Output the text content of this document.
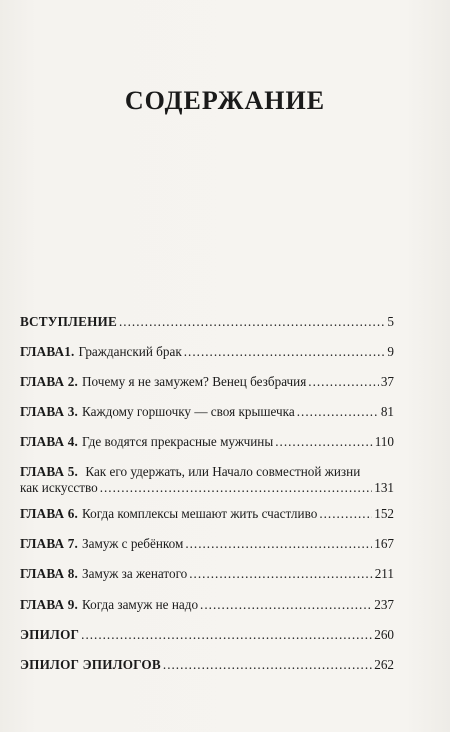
СОДЕРЖАНИЕ
ВСТУПЛЕНИЕ .....	5
ГЛАВА1. Гражданский брак .....	9
ГЛАВА 2. Почему я не замужем? Венец безбрачия .....	37
ГЛАВА 3. Каждому горшочку — своя крышечка .....	81
ГЛАВА 4. Где водятся прекрасные мужчины .....	110
ГЛАВА 5. Как его удержать, или Начало совместной жизни
как искусство .....	131
ГЛАВА 6. Когда комплексы мешают жить счастливо .....	152
ГЛАВА 7. Замуж с ребёнком .....	167
ГЛАВА 8. Замуж за женатого .....	211
ГЛАВА 9. Когда замуж не надо .....	237
ЭПИЛОГ .....	260
ЭПИЛОГ ЭПИЛОГОВ .....	262
